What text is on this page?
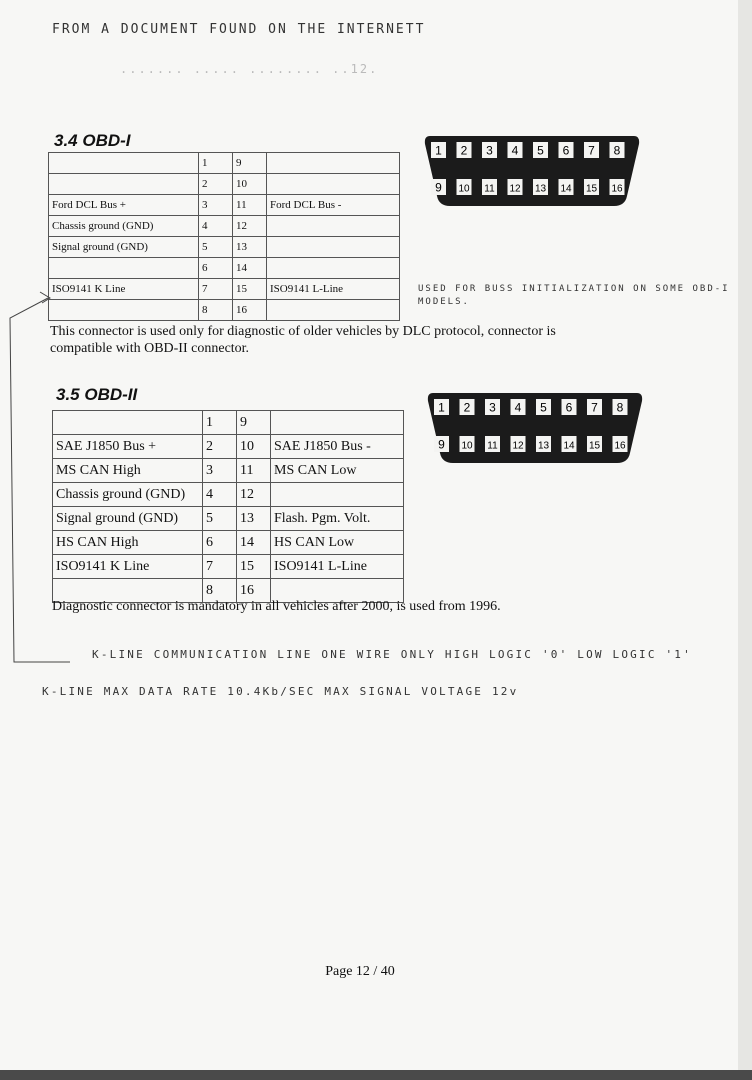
FROM A DOCUMENT FOUND ON THE INTERNETT
....... ..... ........ ..12.
3.4 OBD-I
	1	9	
	2	10	
Ford DCL Bus +	3	11	Ford DCL Bus -
Chassis ground (GND)	4	12	
Signal ground (GND)	5	13	
	6	14	
ISO9141 K Line	7	15	ISO9141 L-Line
	8	16	
1 2 3 4 5 6 7 8
9 10 11 12 13 14 15 16
USED FOR BUSS INITIALIZATION ON SOME OBD-I MODELS.
This connector is used only for diagnostic of older vehicles by DLC protocol, connector is compatible with OBD-II connector.
3.5 OBD-II
	1	9	
SAE J1850 Bus +	2	10	SAE J1850 Bus -
MS CAN High	3	11	MS CAN Low
Chassis ground (GND)	4	12	
Signal ground (GND)	5	13	Flash. Pgm. Volt.
HS CAN High	6	14	HS CAN Low
ISO9141 K Line	7	15	ISO9141 L-Line
	8	16	
1 2 3 4 5 6 7 8
9 10 11 12 13 14 15 16
Diagnostic connector is mandatory in all vehicles after 2000, is used from 1996.
K-LINE COMMUNICATION LINE ONE WIRE ONLY HIGH LOGIC '0' LOW LOGIC '1'
K-LINE MAX DATA RATE 10.4Kb/SEC MAX SIGNAL VOLTAGE 12v
Page 12 / 40
